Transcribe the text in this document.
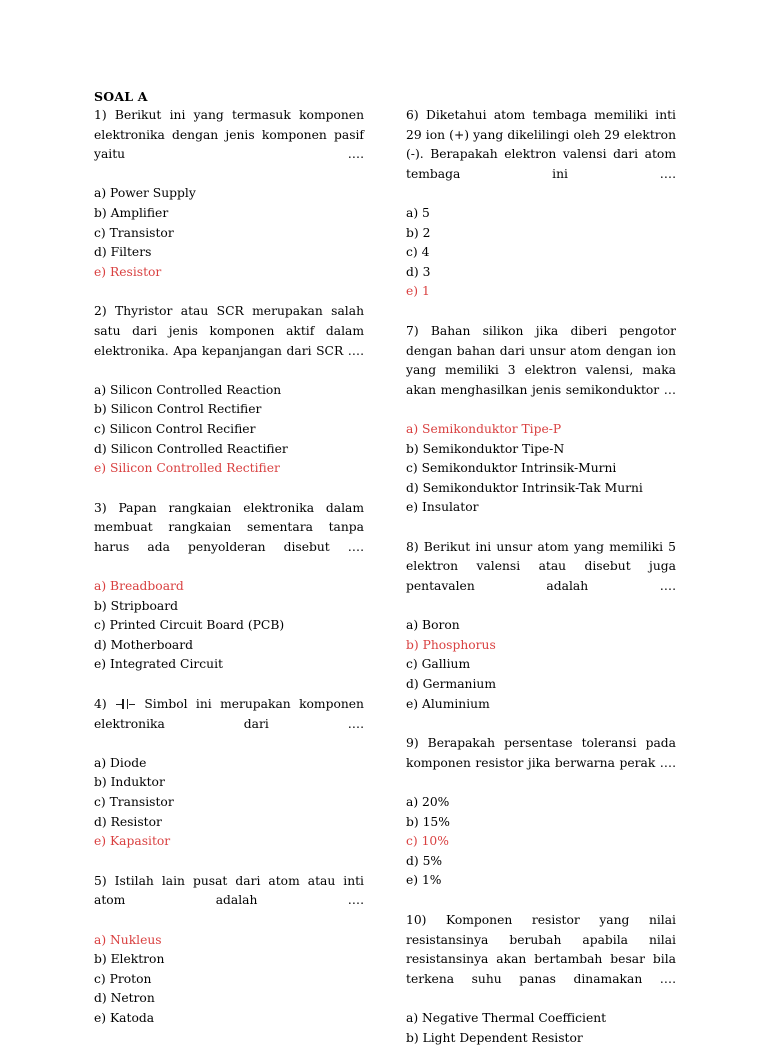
SOAL A

1) Berikut ini yang termasuk komponen elektronika dengan jenis komponen pasif yaitu ….

a) Power Supply
b) Amplifier
c) Transistor
d) Filters
e) Resistor

2) Thyristor atau SCR merupakan salah satu dari jenis komponen aktif dalam elektronika. Apa kepanjangan dari SCR ….

a) Silicon Controlled Reaction
b) Silicon Control Rectifier
c) Silicon Control Recifier
d) Silicon Controlled Reactifier
e) Silicon Controlled Rectifier

3) Papan rangkaian elektronika dalam membuat rangkaian sementara tanpa harus ada penyolderan disebut ….

a) Breadboard
b) Stripboard
c) Printed Circuit Board (PCB)
d) Motherboard
e) Integrated Circuit

4)	Simbol ini merupakan komponen elektronika dari ….

a) Diode
b) Induktor
c) Transistor
d) Resistor
e) Kapasitor

5) Istilah lain pusat dari atom atau inti atom adalah ….

a) Nukleus
b) Elektron
c) Proton
d) Netron
e) Katoda

6) Diketahui atom tembaga memiliki inti 29 ion (+) yang dikelilingi oleh 29 elektron (-). Berapakah elektron valensi dari atom tembaga ini ….

a) 5
b) 2
c) 4
d) 3
e) 1

7) Bahan silikon jika diberi pengotor dengan bahan dari unsur atom dengan ion yang memiliki 3 elektron valensi, maka akan menghasilkan jenis semikonduktor …

a) Semikonduktor Tipe-P
b) Semikonduktor Tipe-N
c) Semikonduktor Intrinsik-Murni
d) Semikonduktor Intrinsik-Tak Murni
e) Insulator

8) Berikut ini unsur atom yang memiliki 5 elektron valensi atau disebut juga pentavalen adalah ….

a) Boron
b) Phosphorus
c) Gallium
d) Germanium
e) Aluminium

9) Berapakah persentase toleransi pada komponen resistor jika berwarna perak ….

a) 20%
b) 15%
c) 10%
d) 5%
e) 1%

10) Komponen resistor yang nilai resistansinya berubah apabila nilai resistansinya akan bertambah besar bila terkena suhu panas dinamakan ….

a) Negative Thermal Coefficient
b) Light Dependent Resistor
